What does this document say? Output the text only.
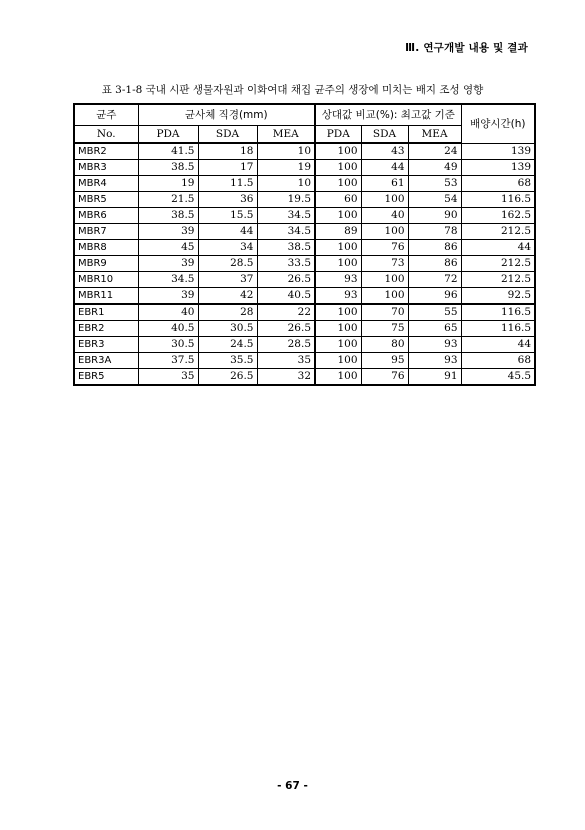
Ⅲ. 연구개발 내용 및 결과
표 3-1-8 국내 시판 생물자원과 이화여대 채집 균주의 생장에 미치는 배지 조성 영향
균주	균사체 직경(mm)			상대값 비교(%): 최고값 기준			배양시간(h)
No.	PDA	SDA	MEA	PDA	SDA	MEA	
MBR2	41.5	18	10	100	43	24	139
MBR3	38.5	17	19	100	44	49	139
MBR4	19	11.5	10	100	61	53	68
MBR5	21.5	36	19.5	60	100	54	116.5
MBR6	38.5	15.5	34.5	100	40	90	162.5
MBR7	39	44	34.5	89	100	78	212.5
MBR8	45	34	38.5	100	76	86	44
MBR9	39	28.5	33.5	100	73	86	212.5
MBR10	34.5	37	26.5	93	100	72	212.5
MBR11	39	42	40.5	93	100	96	92.5
EBR1	40	28	22	100	70	55	116.5
EBR2	40.5	30.5	26.5	100	75	65	116.5
EBR3	30.5	24.5	28.5	100	80	93	44
EBR3A	37.5	35.5	35	100	95	93	68
EBR5	35	26.5	32	100	76	91	45.5
- 67 -
